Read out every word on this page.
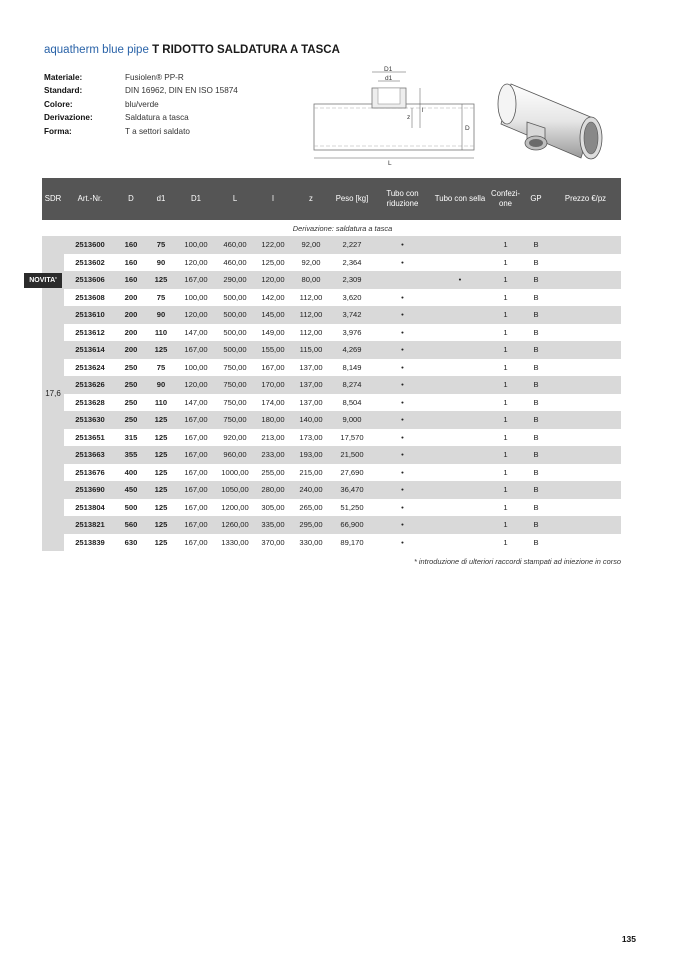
aquatherm blue pipe T RIDOTTO SALDATURA A TASCA
Materiale:	Fusiolen® PP-R
Standard:	DIN 16962, DIN EN ISO 15874
Colore:	blu/verde
Derivazione:	Saldatura a tasca
Forma:	T a settori saldato
D1
d1
z
l
D
L
SDR	Art.-Nr.	D	d1	D1	L	l	z	Peso [kg]	Tubo con riduzione	Tubo con sella	Confezi-one	GP	Prezzo €/pz
	Derivazione: saldatura a tasca												
17,6	2513600	160	75	100,00	460,00	122,00	92,00	2,227	•		1	B	
	2513602	160	90	120,00	460,00	125,00	92,00	2,364	•		1	B	
	2513606	160	125	167,00	290,00	120,00	80,00	2,309		•	1	B	
	2513608	200	75	100,00	500,00	142,00	112,00	3,620	•		1	B	
	2513610	200	90	120,00	500,00	145,00	112,00	3,742	•		1	B	
	2513612	200	110	147,00	500,00	149,00	112,00	3,976	•		1	B	
	2513614	200	125	167,00	500,00	155,00	115,00	4,269	•		1	B	
	2513624	250	75	100,00	750,00	167,00	137,00	8,149	•		1	B	
	2513626	250	90	120,00	750,00	170,00	137,00	8,274	•		1	B	
	2513628	250	110	147,00	750,00	174,00	137,00	8,504	•		1	B	
	2513630	250	125	167,00	750,00	180,00	140,00	9,000	•		1	B	
	2513651	315	125	167,00	920,00	213,00	173,00	17,570	•		1	B	
	2513663	355	125	167,00	960,00	233,00	193,00	21,500	•		1	B	
	2513676	400	125	167,00	1000,00	255,00	215,00	27,690	•		1	B	
	2513690	450	125	167,00	1050,00	280,00	240,00	36,470	•		1	B	
	2513804	500	125	167,00	1200,00	305,00	265,00	51,250	•		1	B	
	2513821	560	125	167,00	1260,00	335,00	295,00	66,900	•		1	B	
	2513839	630	125	167,00	1330,00	370,00	330,00	89,170	•		1	B	
NOVITA'
* introduzione di ulteriori raccordi stampati ad iniezione in corso
135
